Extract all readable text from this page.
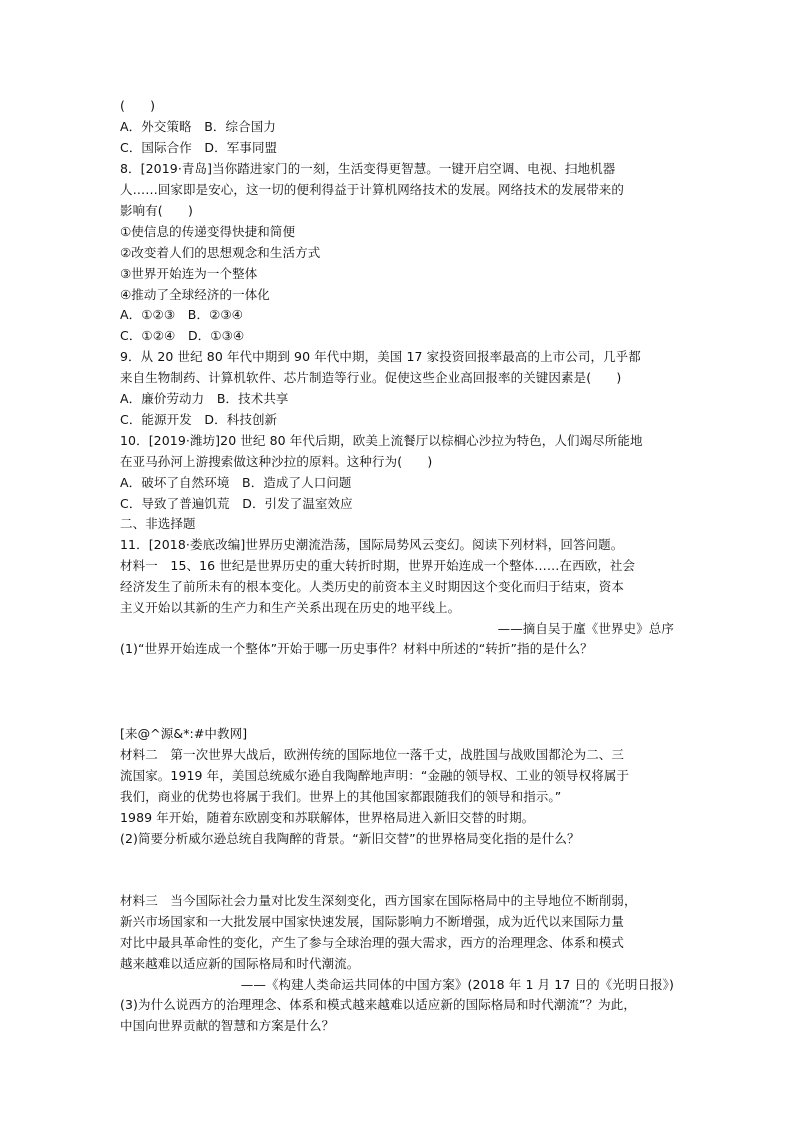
(　　)
A．外交策略　B．综合国力
C．国际合作　D．军事同盟
8．[2019·青岛]当你踏进家门的一刻，生活变得更智慧。一键开启空调、电视、扫地机器
人……回家即是安心，这一切的便利得益于计算机网络技术的发展。网络技术的发展带来的
影响有(　　)
①使信息的传递变得快捷和简便
②改变着人们的思想观念和生活方式
③世界开始连为一个整体
④推动了全球经济的一体化
A．①②③　B．②③④
C．①②④　D．①③④
9．从 20 世纪 80 年代中期到 90 年代中期，美国 17 家投资回报率最高的上市公司，几乎都
来自生物制药、计算机软件、芯片制造等行业。促使这些企业高回报率的关键因素是(　　)
A．廉价劳动力　B．技术共享
C．能源开发　D．科技创新
10．[2019·潍坊]20 世纪 80 年代后期，欧美上流餐厅以棕榈心沙拉为特色，人们竭尽所能地
在亚马孙河上游搜索做这种沙拉的原料。这种行为(　　)
A．破坏了自然环境　B．造成了人口问题
C．导致了普遍饥荒　D．引发了温室效应
二、非选择题
11．[2018·娄底改编]世界历史潮流浩荡，国际局势风云变幻。阅读下列材料，回答问题。
材料一　15、16 世纪是世界历史的重大转折时期，世界开始连成一个整体……在西欧，社会
经济发生了前所未有的根本变化。人类历史的前资本主义时期因这个变化而归于结束，资本
主义开始以其新的生产力和生产关系出现在历史的地平线上。
——摘自吴于廑《世界史》总序
(1)“世界开始连成一个整体”开始于哪一历史事件？材料中所述的“转折”指的是什么？
[来@^源&*:#中教网]
材料二　第一次世界大战后，欧洲传统的国际地位一落千丈，战胜国与战败国都沦为二、三
流国家。1919 年，美国总统威尔逊自我陶醉地声明：“金融的领导权、工业的领导权将属于
我们，商业的优势也将属于我们。世界上的其他国家都跟随我们的领导和指示。”
1989 年开始，随着东欧剧变和苏联解体，世界格局进入新旧交替的时期。
(2)简要分析威尔逊总统自我陶醉的背景。“新旧交替”的世界格局变化指的是什么？
材料三　当今国际社会力量对比发生深刻变化，西方国家在国际格局中的主导地位不断削弱，
新兴市场国家和一大批发展中国家快速发展，国际影响力不断增强，成为近代以来国际力量
对比中最具革命性的变化，产生了参与全球治理的强大需求，西方的治理理念、体系和模式
越来越难以适应新的国际格局和时代潮流。
——《构建人类命运共同体的中国方案》(2018 年 1 月 17 日的《光明日报》)
(3)为什么说西方的治理理念、体系和模式越来越难以适应新的国际格局和时代潮流”？为此，
中国向世界贡献的智慧和方案是什么？
